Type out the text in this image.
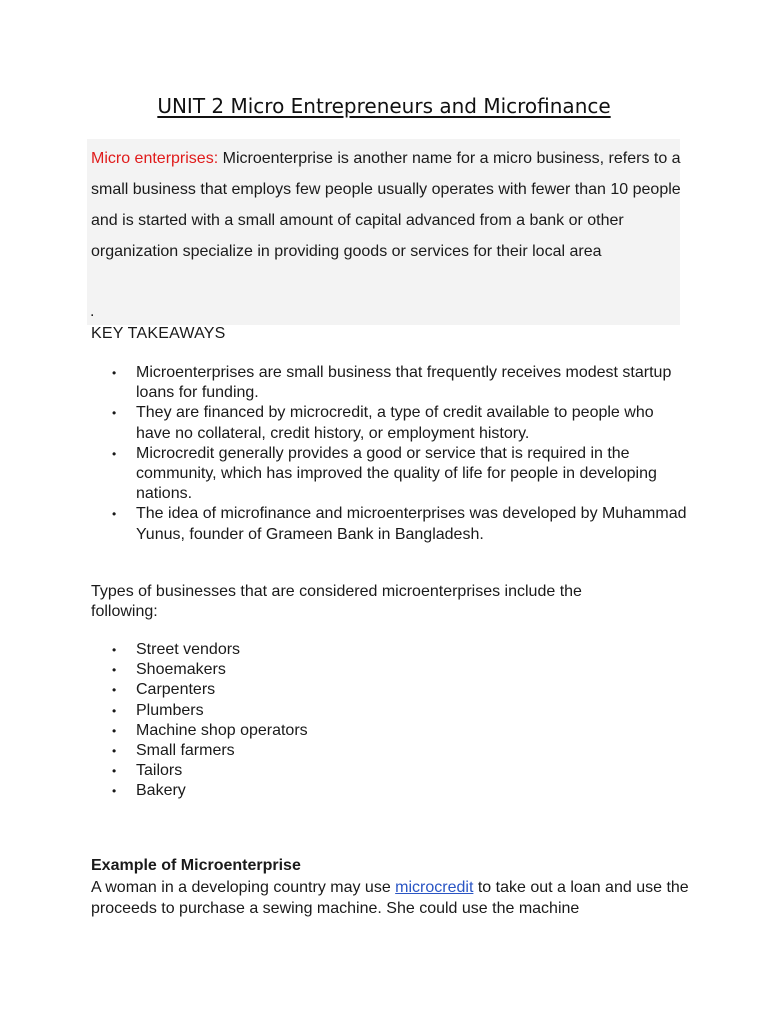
UNIT 2 Micro Entrepreneurs and Microfinance

Micro enterprises: Microenterprise is another name for a micro business, refers to a small business that employs few people usually operates with fewer than 10 people and is started with a small amount of capital advanced from a bank or other organization specialize in providing goods or services for their local area

.
KEY TAKEAWAYS
• Microenterprises are small business that frequently receives modest startup loans for funding.
• They are financed by microcredit, a type of credit available to people who have no collateral, credit history, or employment history.
• Microcredit generally provides a good or service that is required in the community, which has improved the quality of life for people in developing nations.
• The idea of microfinance and microenterprises was developed by Muhammad Yunus, founder of Grameen Bank in Bangladesh.

Types of businesses that are considered microenterprises include the following:

• Street vendors
• Shoemakers
• Carpenters
• Plumbers
• Machine shop operators
• Small farmers
• Tailors
• Bakery
Example of Microenterprise

A woman in a developing country may use microcredit to take out a loan and use the proceeds to purchase a sewing machine. She could use the machine
